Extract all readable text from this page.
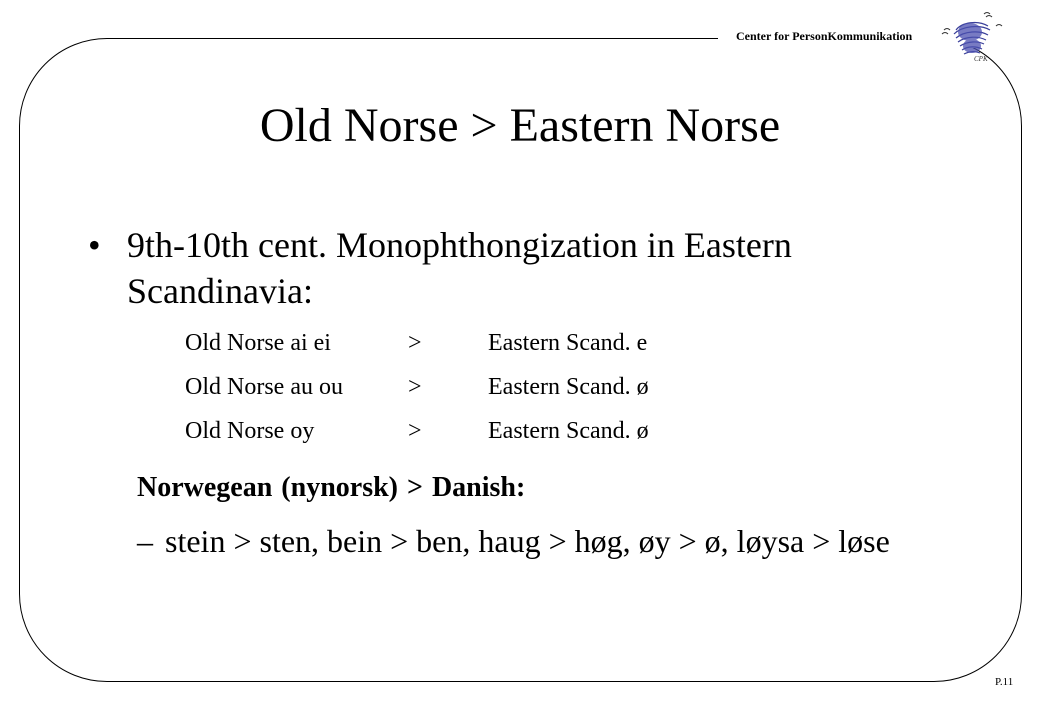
Center for PersonKommunikation
CPK
Old Norse > Eastern Norse
• 9th-10th cent. Monophthongization in Eastern Scandinavia:
Old Norse ai ei	>	Eastern Scand. e
Old Norse au ou	>	Eastern Scand. ø
Old Norse oy	>	Eastern Scand. ø
Norwegean (nynorsk) > Danish:
– stein > sten, bein > ben, haug > høg, øy > ø, løysa > løse
P.11
